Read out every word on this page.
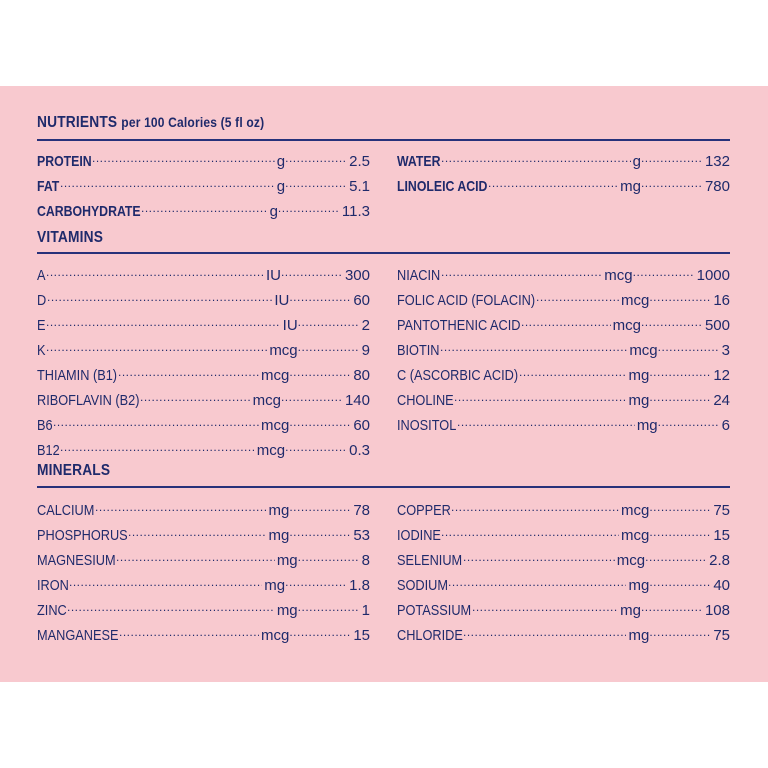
NUTRIENTS per 100 Calories (5 fl oz)
PROTEIN .....	g .....	2.5
FAT .....	g .....	5.1
CARBOHYDRATE .....	g .....	11.3
WATER .....	g .....	132
LINOLEIC ACID .....	mg .....	780
VITAMINS
A .....	IU .....	300
D .....	IU .....	60
E .....	IU .....	2
K .....	mcg .....	9
THIAMIN (B1) .....	mcg .....	80
RIBOFLAVIN (B2) .....	mcg .....	140
B6 .....	mcg .....	60
B12 .....	mcg .....	0.3
NIACIN .....	mcg .....	1000
FOLIC ACID (FOLACIN) .....	mcg .....	16
PANTOTHENIC ACID .....	mcg .....	500
BIOTIN .....	mcg .....	3
C (ASCORBIC ACID) .....	mg .....	12
CHOLINE .....	mg .....	24
INOSITOL .....	mg .....	6
MINERALS
CALCIUM .....	mg .....	78
PHOSPHORUS .....	mg .....	53
MAGNESIUM .....	mg .....	8
IRON .....	mg .....	1.8
ZINC .....	mg .....	1
MANGANESE .....	mcg .....	15
COPPER .....	mcg .....	75
IODINE .....	mcg .....	15
SELENIUM .....	mcg .....	2.8
SODIUM .....	mg .....	40
POTASSIUM .....	mg .....	108
CHLORIDE .....	mg .....	75
